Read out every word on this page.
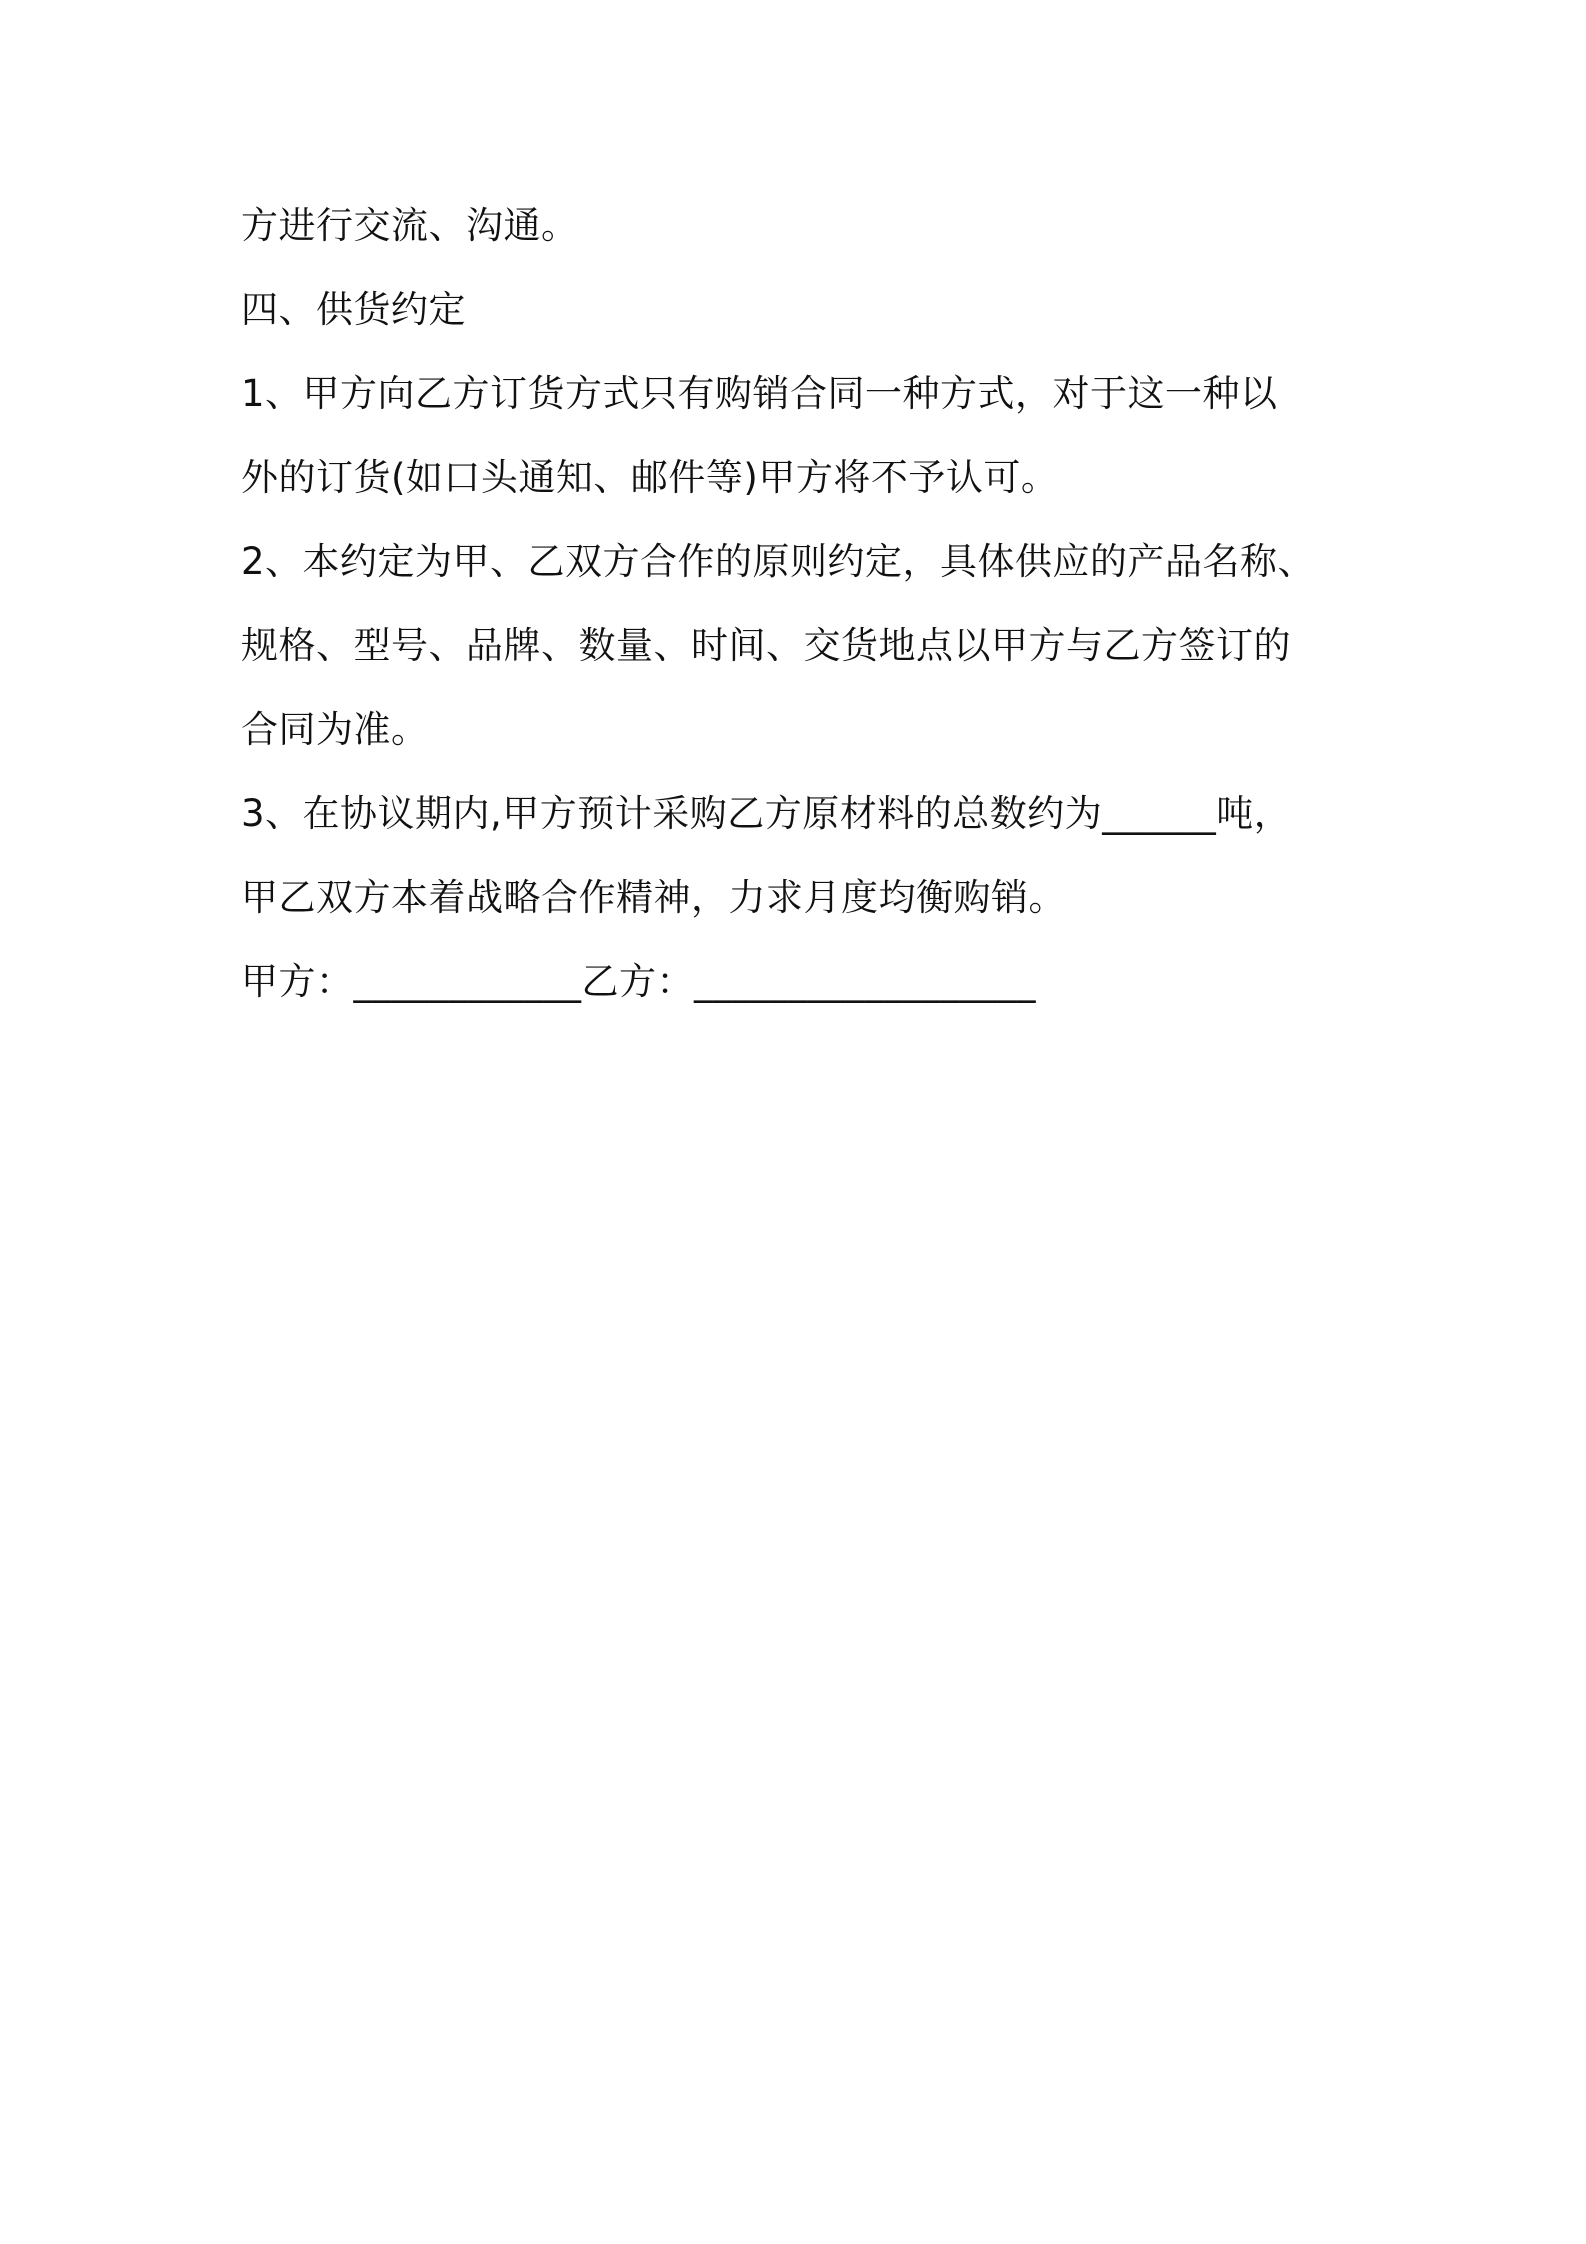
方进行交流、沟通。
四、供货约定
1、甲方向乙方订货方式只有购销合同一种方式，对于这一种以
外的订货(如口头通知、邮件等)甲方将不予认可。
2、本约定为甲、乙双方合作的原则约定，具体供应的产品名称、
规格、型号、品牌、数量、时间、交货地点以甲方与乙方签订的
合同为准。
3、在协议期内,甲方预计采购乙方原材料的总数约为______吨，
甲乙双方本着战略合作精神，力求月度均衡购销。
甲方：____________乙方：__________________
